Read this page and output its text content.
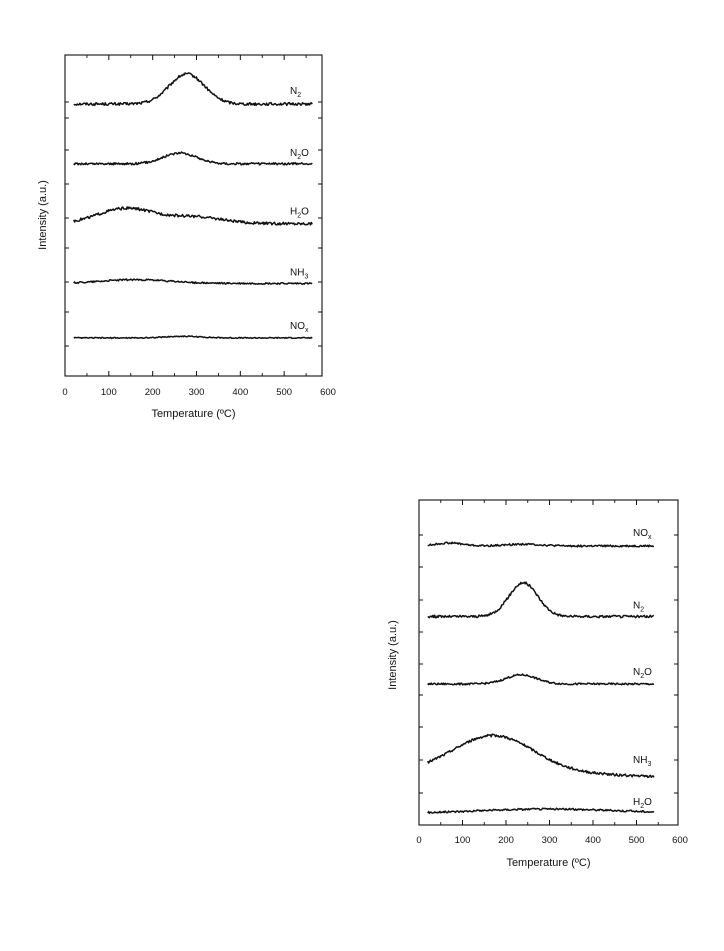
0	100	200	300	400	500	600
Temperature (ºC)
Intensity (a.u.)
$N_2$
$N_2O$
$H_2O$
$NH_3$
$NO_x$
0	100	200	300	400	500	600
Temperature (ºC)
Intensity (a.u.)
$NO_x$
$N_2$
$N_2O$
$NH_3$
$H_2O$
